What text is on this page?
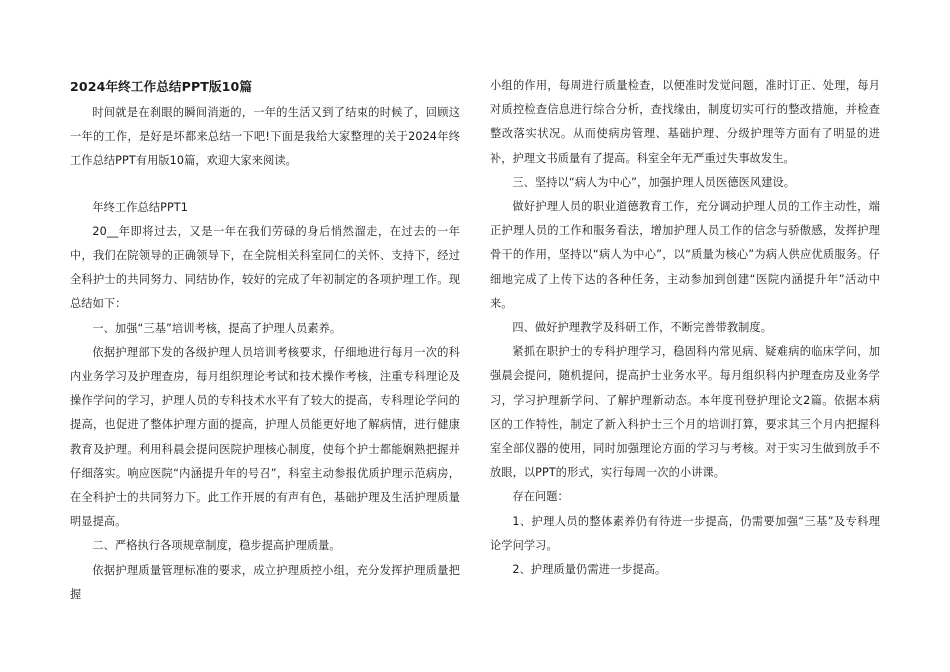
2024年终工作总结PPT版10篇

时间就是在刹眼的瞬间消逝的，一年的生活又到了结束的时候了，回顾这一年的工作，是好是坏都来总结一下吧!下面是我给大家整理的关于2024年终工作总结PPT有用版10篇，欢迎大家来阅读。

年终工作总结PPT1

20__年即将过去，又是一年在我们劳碌的身后悄然溜走，在过去的一年中，我们在院领导的正确领导下，在全院相关科室同仁的关怀、支持下，经过全科护士的共同努力、同结协作，较好的完成了年初制定的各项护理工作。现总结如下：

一、加强“三基”培训考核，提高了护理人员素养。

依据护理部下发的各级护理人员培训考核要求，仔细地进行每月一次的科内业务学习及护理查房，每月组织理论考试和技术操作考核，注重专科理论及操作学问的学习，护理人员的专科技术水平有了较大的提高，专科理论学问的提高，也促进了整体护理方面的提高，护理人员能更好地了解病情，进行健康教育及护理。利用科晨会提问医院护理核心制度，使每个护士都能娴熟把握并仔细落实。响应医院“内涵提升年的号召”，科室主动参报优质护理示范病房，在全科护士的共同努力下。此工作开展的有声有色，基础护理及生活护理质量明显提高。

二、严格执行各项规章制度，稳步提高护理质量。

依据护理质量管理标准的要求，成立护理质控小组，充分发挥护理质量把握

小组的作用，每周进行质量检查，以便准时发觉问题，准时订正、处理，每月对质控检查信息进行综合分析，查找缘由，制度切实可行的整改措施，并检查整改落实状况。从而使病房管理、基础护理、分级护理等方面有了明显的进补，护理文书质量有了提高。科室全年无严重过失事故发生。

三、坚持以“病人为中心”，加强护理人员医德医风建设。

做好护理人员的职业道德教育工作，充分调动护理人员的工作主动性，端正护理人员的工作和服务看法，增加护理人员工作的信念与骄傲感，发挥护理骨干的作用，坚持以“病人为中心”，以“质量为核心”为病人供应优质服务。仔细地完成了上传下达的各种任务，主动参加到创建“医院内涵提升年”活动中来。

四、做好护理教学及科研工作，不断完善带教制度。

紧抓在职护士的专科护理学习，稳固科内常见病、疑难病的临床学问，加强晨会提问，随机提问，提高护士业务水平。每月组织科内护理查房及业务学习，学习护理新学问、了解护理新动态。本年度刊登护理论文2篇。依据本病区的工作特性，制定了新入科护士三个月的培训打算，要求其三个月内把握科室全部仪器的使用，同时加强理论方面的学习与考核。对于实习生做到放手不放眼，以PPT的形式，实行每周一次的小讲课。

存在问题：

1、护理人员的整体素养仍有待进一步提高，仍需要加强“三基”及专科理论学问学习。

2、护理质量仍需进一步提高。
